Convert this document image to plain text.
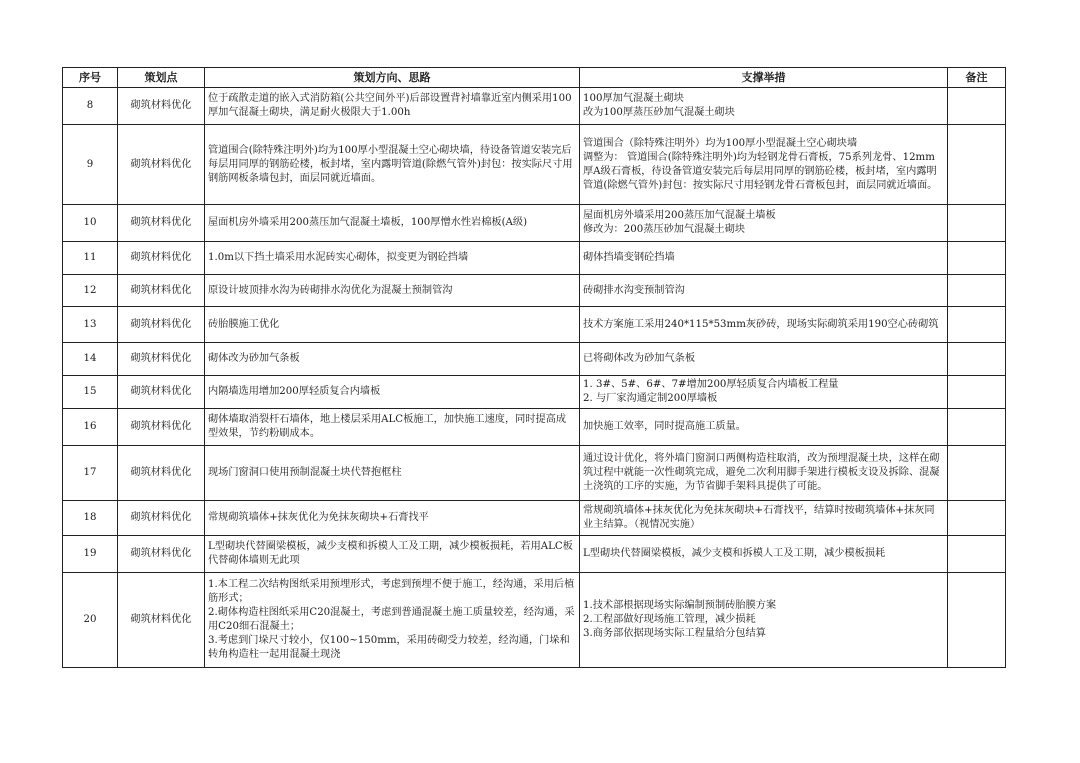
序号	策划点	策划方向、思路	支撑举措	备注
8	砌筑材料优化	位于疏散走道的嵌入式消防箱(公共空间外平)后部设置背衬墙靠近室内侧采用100厚加气混凝土砌块，满足耐火极限大于1.00h	100厚加气混凝土砌块
改为100厚蒸压砂加气混凝土砌块	
9	砌筑材料优化	管道围合(除特殊注明外)均为100厚小型混凝土空心砌块墙，待设备管道安装完后每层用同厚的钢筋砼楼，板封堵，室内露明管道(除燃气管外)封包：按实际尺寸用钢筋网板条墙包封，面层同就近墙面。	管道围合（除特殊注明外）均为100厚小型混凝土空心砌块墙
调整为： 管道围合(除特殊注明外)均为轻钢龙骨石膏板，75系列龙骨、12mm厚A级石膏板，待设备管道安装完后每层用同厚的钢筋砼楼，板封堵，室内露明管道(除燃气管外)封包：按实际尺寸用轻钢龙骨石膏板包封，面层同就近墙面。	
10	砌筑材料优化	屋面机房外墙采用200蒸压加气混凝土墙板，100厚憎水性岩棉板(A级)	屋面机房外墙采用200蒸压加气混凝土墙板
修改为：200蒸压砂加气混凝土砌块	
11	砌筑材料优化	1.0m以下挡土墙采用水泥砖实心砌体，拟变更为钢砼挡墙	砌体挡墙变钢砼挡墙	
12	砌筑材料优化	原设计坡顶排水沟为砖砌排水沟优化为混凝土预制管沟	砖砌排水沟变预制管沟	
13	砌筑材料优化	砖胎膜施工优化	技术方案施工采用240*115*53mm灰砂砖，现场实际砌筑采用190空心砖砌筑	
14	砌筑材料优化	砌体改为砂加气条板	已将砌体改为砂加气条板	
15	砌筑材料优化	内隔墙选用增加200厚轻质复合内墙板	1. 3#、5#、6#、7#增加200厚轻质复合内墙板工程量
2. 与厂家沟通定制200厚墙板	
16	砌筑材料优化	砌体墙取消裂杆石墙体，地上楼层采用ALC板施工，加快施工速度，同时提高成型效果，节约粉刷成本。	加快施工效率，同时提高施工质量。	
17	砌筑材料优化	现场门窗洞口使用预制混凝土块代替抱框柱	通过设计优化，将外墙门窗洞口两侧构造柱取消，改为预埋混凝土块，这样在砌筑过程中就能一次性砌筑完成，避免二次利用脚手架进行模板支设及拆除、混凝土浇筑的工序的实施，为节省脚手架料具提供了可能。	
18	砌筑材料优化	常规砌筑墙体+抹灰优化为免抹灰砌块+石膏找平	常规砌筑墙体+抹灰优化为免抹灰砌块+石膏找平，结算时按砌筑墙体+抹灰同业主结算。（视情况实施）	
19	砌筑材料优化	L型砌块代替圈梁模板，减少支模和拆模人工及工期，减少模板损耗，若用ALC板代替砌体墙则无此项	L型砌块代替圈梁模板，减少支模和拆模人工及工期，减少模板损耗	
20	砌筑材料优化	1.本工程二次结构图纸采用预埋形式，考虑到预埋不便于施工，经沟通，采用后植筋形式；
2.砌体构造柱图纸采用C20混凝土，考虑到普通混凝土施工质量较差，经沟通，采用C20细石混凝土；
3.考虑到门垛尺寸较小，仅100~150mm，采用砖砌受力较差，经沟通，门垛和转角构造柱一起用混凝土现浇	1.技术部根据现场实际编制预制砖胎膜方案
2.工程部做好现场施工管理，减少损耗
3.商务部依据现场实际工程量给分包结算	
